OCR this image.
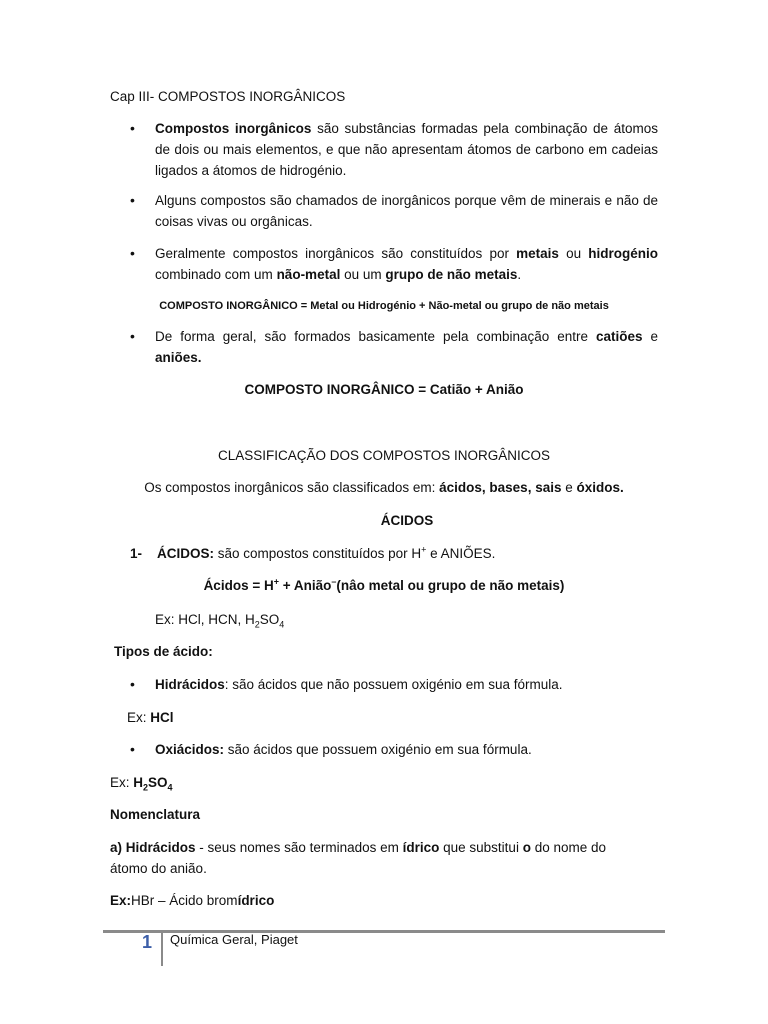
Cap III- COMPOSTOS INORGÂNICOS
• Compostos inorgânicos são substâncias formadas pela combinação de átomos de dois ou mais elementos, e que não apresentam átomos de carbono em cadeias ligados a átomos de hidrogénio.
• Alguns compostos são chamados de inorgânicos porque vêm de minerais e não de coisas vivas ou orgânicas.
• Geralmente compostos inorgânicos são constituídos por metais ou hidrogénio combinado com um não-metal ou um grupo de não metais.
COMPOSTO INORGÂNICO = Metal ou Hidrogénio + Não-metal ou grupo de não metais
• De forma geral, são formados basicamente pela combinação entre catiões e aniões.
COMPOSTO INORGÂNICO = Catião + Anião
CLASSIFICAÇÃO DOS COMPOSTOS INORGÂNICOS
Os compostos inorgânicos são classificados em: ácidos, bases, sais e óxidos.
ÁCIDOS
1- ÁCIDOS: são compostos constituídos por H+ e ANIÕES.
Ácidos = H+ + Anião–(nâo metal ou grupo de não metais)
Ex: HCl, HCN, $H_2SO_4$
Tipos de ácido:
• Hidrácidos: são ácidos que não possuem oxigénio em sua fórmula.
Ex: HCl
• Oxiácidos: são ácidos que possuem oxigénio em sua fórmula.
Ex: $H_2SO_4$
Nomenclatura
a) Hidrácidos - seus nomes são terminados em ídrico que substitui o do nome do átomo do anião.
Ex:HBr – Ácido bromídrico
1 Química Geral, Piaget
